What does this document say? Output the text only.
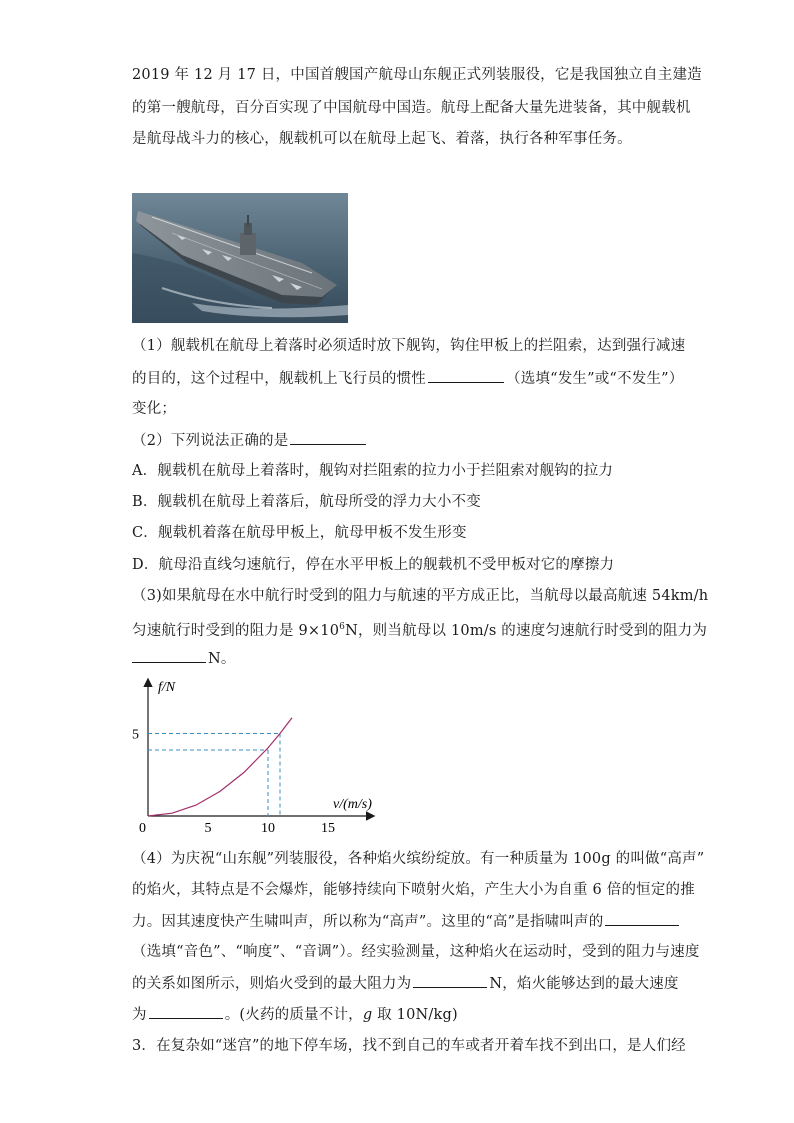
2019 年 12 月 17 日，中国首艘国产航母山东舰正式列装服役，它是我国独立自主建造
的第一艘航母，百分百实现了中国航母中国造。航母上配备大量先进装备，其中舰载机
是航母战斗力的核心，舰载机可以在航母上起飞、着落，执行各种军事任务。
（1）舰载机在航母上着落时必须适时放下舰钩，钩住甲板上的拦阻索，达到强行减速
的目的，这个过程中，舰载机上飞行员的惯性	（选填“发生”或“不发生”）
变化；
（2）下列说法正确的是
A．舰载机在航母上着落时，舰钩对拦阻索的拉力小于拦阻索对舰钩的拉力
B．舰载机在航母上着落后，航母所受的浮力大小不变
C．舰载机着落在航母甲板上，航母甲板不发生形变
D．航母沿直线匀速航行，停在水平甲板上的舰载机不受甲板对它的摩擦力
（3)如果航母在水中航行时受到的阻力与航速的平方成正比，当航母以最高航速 54km/h
匀速航行时受到的阻力是 $9\times 10^6N$，则当航母以 10m/s 的速度匀速航行时受到的阻力为
N。
5	10	15
5
f/N
v/(m/s)
0
（4）为庆祝“山东舰”列装服役，各种焰火缤纷绽放。有一种质量为 100g 的叫做“高声”
的焰火，其特点是不会爆炸，能够持续向下喷射火焰，产生大小为自重 6 倍的恒定的推
力。因其速度快产生啸叫声，所以称为“高声”。这里的“高”是指啸叫声的
（选填“音色”、“响度”、“音调”）。经实验测量，这种焰火在运动时，受到的阻力与速度
的关系如图所示，则焰火受到的最大阻力为	N，焰火能够达到的最大速度
为	。(火药的质量不计，g 取 10N/kg)
3．在复杂如“迷宫”的地下停车场，找不到自己的车或者开着车找不到出口，是人们经
